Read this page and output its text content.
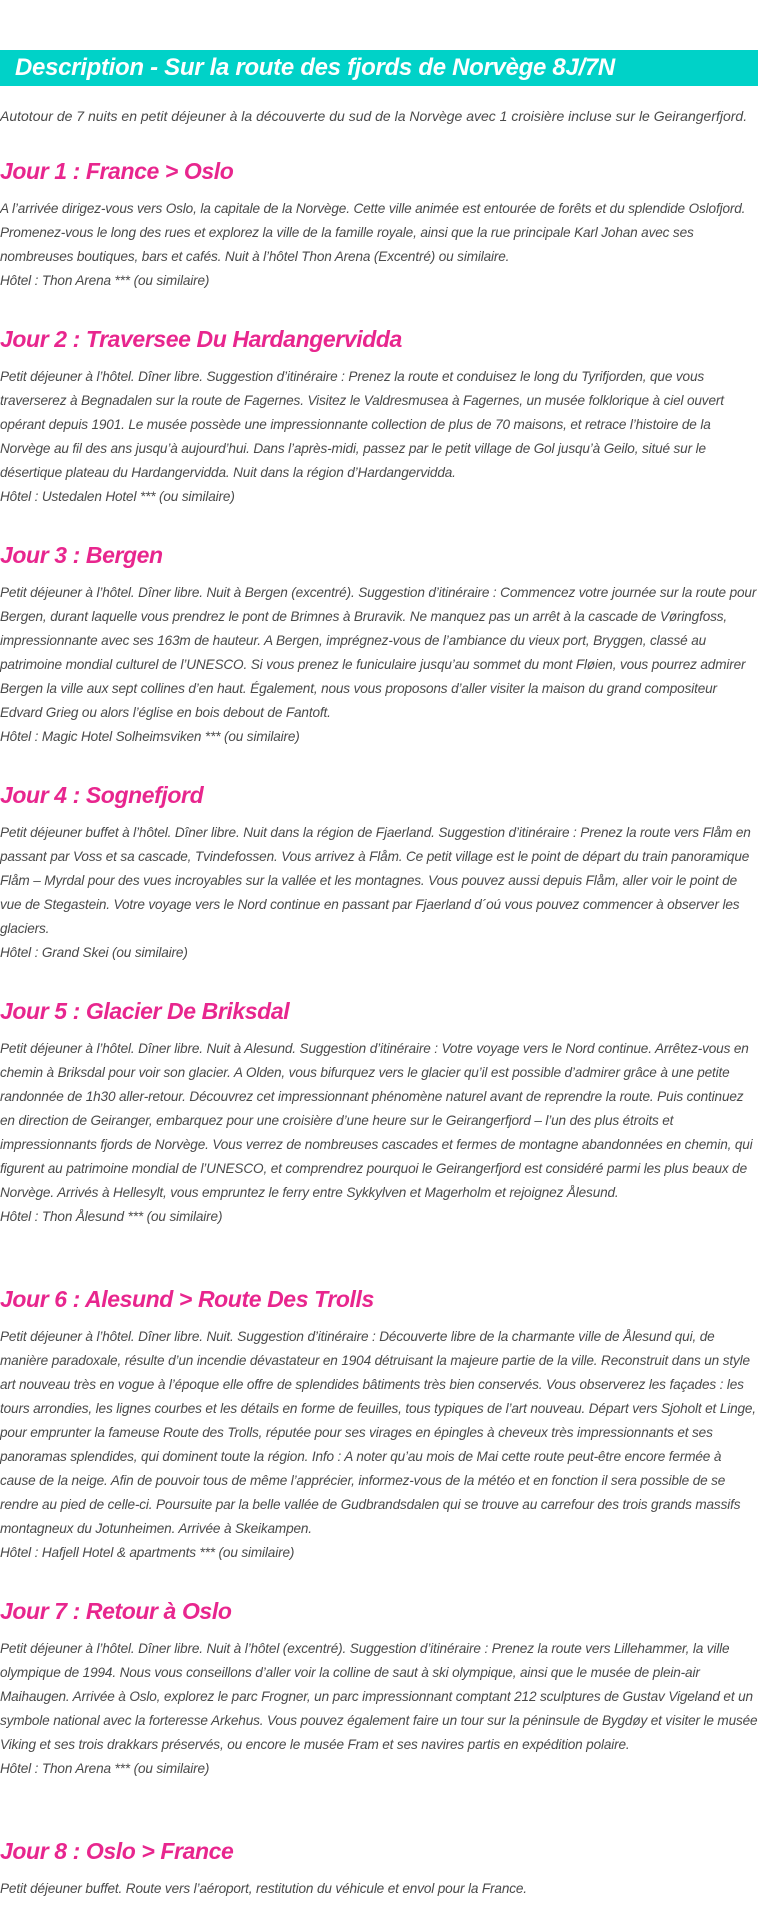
Description - Sur la route des fjords de Norvège 8J/7N

Autotour de 7 nuits en petit déjeuner à la découverte du sud de la Norvège avec 1 croisière incluse sur le Geirangerfjord.

Jour 1 : France > Oslo

A l’arrivée dirigez-vous vers Oslo, la capitale de la Norvège. Cette ville animée est entourée de forêts et du splendide Oslofjord. Promenez-vous le long des rues et explorez la ville de la famille royale, ainsi que la rue principale Karl Johan avec ses nombreuses boutiques, bars et cafés. Nuit à l’hôtel Thon Arena (Excentré) ou similaire.

Hôtel : Thon Arena *** (ou similaire)

Jour 2 : Traversee Du Hardangervidda

Petit déjeuner à l’hôtel. Dîner libre. Suggestion d’itinéraire : Prenez la route et conduisez le long du Tyrifjorden, que vous traverserez à Begnadalen sur la route de Fagernes. Visitez le Valdresmusea à Fagernes, un musée folklorique à ciel ouvert opérant depuis 1901. Le musée possède une impressionnante collection de plus de 70 maisons, et retrace l’histoire de la Norvège au fil des ans jusqu’à aujourd’hui. Dans l’après-midi, passez par le petit village de Gol jusqu’à Geilo, situé sur le désertique plateau du Hardangervidda. Nuit dans la région d’Hardangervidda.

Hôtel : Ustedalen Hotel *** (ou similaire)

Jour 3 : Bergen

Petit déjeuner à l’hôtel. Dîner libre. Nuit à Bergen (excentré). Suggestion d’itinéraire : Commencez votre journée sur la route pour Bergen, durant laquelle vous prendrez le pont de Brimnes à Bruravik. Ne manquez pas un arrêt à la cascade de Vøringfoss, impressionnante avec ses 163m de hauteur. A Bergen, imprégnez-vous de l’ambiance du vieux port, Bryggen, classé au patrimoine mondial culturel de l’UNESCO. Si vous prenez le funiculaire jusqu’au sommet du mont Fløien, vous pourrez admirer Bergen la ville aux sept collines d’en haut. Également, nous vous proposons d’aller visiter la maison du grand compositeur Edvard Grieg ou alors l’église en bois debout de Fantoft.

Hôtel : Magic Hotel Solheimsviken *** (ou similaire)

Jour 4 : Sognefjord

Petit déjeuner buffet à l’hôtel. Dîner libre. Nuit dans la région de Fjaerland. Suggestion d’itinéraire : Prenez la route vers Flåm en passant par Voss et sa cascade, Tvindefossen. Vous arrivez à Flåm. Ce petit village est le point de départ du train panoramique Flåm – Myrdal pour des vues incroyables sur la vallée et les montagnes. Vous pouvez aussi depuis Flåm, aller voir le point de vue de Stegastein. Votre voyage vers le Nord continue en passant par Fjaerland d´oú vous pouvez commencer à observer les glaciers.

Hôtel : Grand Skei (ou similaire)

Jour 5 : Glacier De Briksdal

Petit déjeuner à l’hôtel. Dîner libre. Nuit à Alesund. Suggestion d’itinéraire : Votre voyage vers le Nord continue. Arrêtez-vous en chemin à Briksdal pour voir son glacier. A Olden, vous bifurquez vers le glacier qu’il est possible d’admirer grâce à une petite randonnée de 1h30 aller-retour. Découvrez cet impressionnant phénomène naturel avant de reprendre la route. Puis continuez en direction de Geiranger, embarquez pour une croisière d’une heure sur le Geirangerfjord – l’un des plus étroits et impressionnants fjords de Norvège. Vous verrez de nombreuses cascades et fermes de montagne abandonnées en chemin, qui figurent au patrimoine mondial de l’UNESCO, et comprendrez pourquoi le Geirangerfjord est considéré parmi les plus beaux de Norvège. Arrivés à Hellesylt, vous empruntez le ferry entre Sykkylven et Magerholm et rejoignez Ålesund.

Hôtel : Thon Ålesund *** (ou similaire)

Jour 6 : Alesund > Route Des Trolls

Petit déjeuner à l’hôtel. Dîner libre. Nuit. Suggestion d’itinéraire : Découverte libre de la charmante ville de Ålesund qui, de manière paradoxale, résulte d’un incendie dévastateur en 1904 détruisant la majeure partie de la ville. Reconstruit dans un style art nouveau très en vogue à l’époque elle offre de splendides bâtiments très bien conservés. Vous observerez les façades : les tours arrondies, les lignes courbes et les détails en forme de feuilles, tous typiques de l’art nouveau. Départ vers Sjoholt et Linge, pour emprunter la fameuse Route des Trolls, réputée pour ses virages en épingles à cheveux très impressionnants et ses panoramas splendides, qui dominent toute la région. Info : A noter qu’au mois de Mai cette route peut-être encore fermée à cause de la neige. Afin de pouvoir tous de même l’apprécier, informez-vous de la météo et en fonction il sera possible de se rendre au pied de celle-ci. Poursuite par la belle vallée de Gudbrandsdalen qui se trouve au carrefour des trois grands massifs montagneux du Jotunheimen. Arrivée à Skeikampen.

Hôtel : Hafjell Hotel & apartments *** (ou similaire)

Jour 7 : Retour à Oslo

Petit déjeuner à l’hôtel. Dîner libre. Nuit à l’hôtel (excentré). Suggestion d’itinéraire : Prenez la route vers Lillehammer, la ville olympique de 1994. Nous vous conseillons d’aller voir la colline de saut à ski olympique, ainsi que le musée de plein-air Maihaugen. Arrivée à Oslo, explorez le parc Frogner, un parc impressionnant comptant 212 sculptures de Gustav Vigeland et un symbole national avec la forteresse Arkehus. Vous pouvez également faire un tour sur la péninsule de Bygdøy et visiter le musée Viking et ses trois drakkars préservés, ou encore le musée Fram et ses navires partis en expédition polaire.

Hôtel : Thon Arena *** (ou similaire)

Jour 8 : Oslo > France

Petit déjeuner buffet. Route vers l’aéroport, restitution du véhicule et envol pour la France.
